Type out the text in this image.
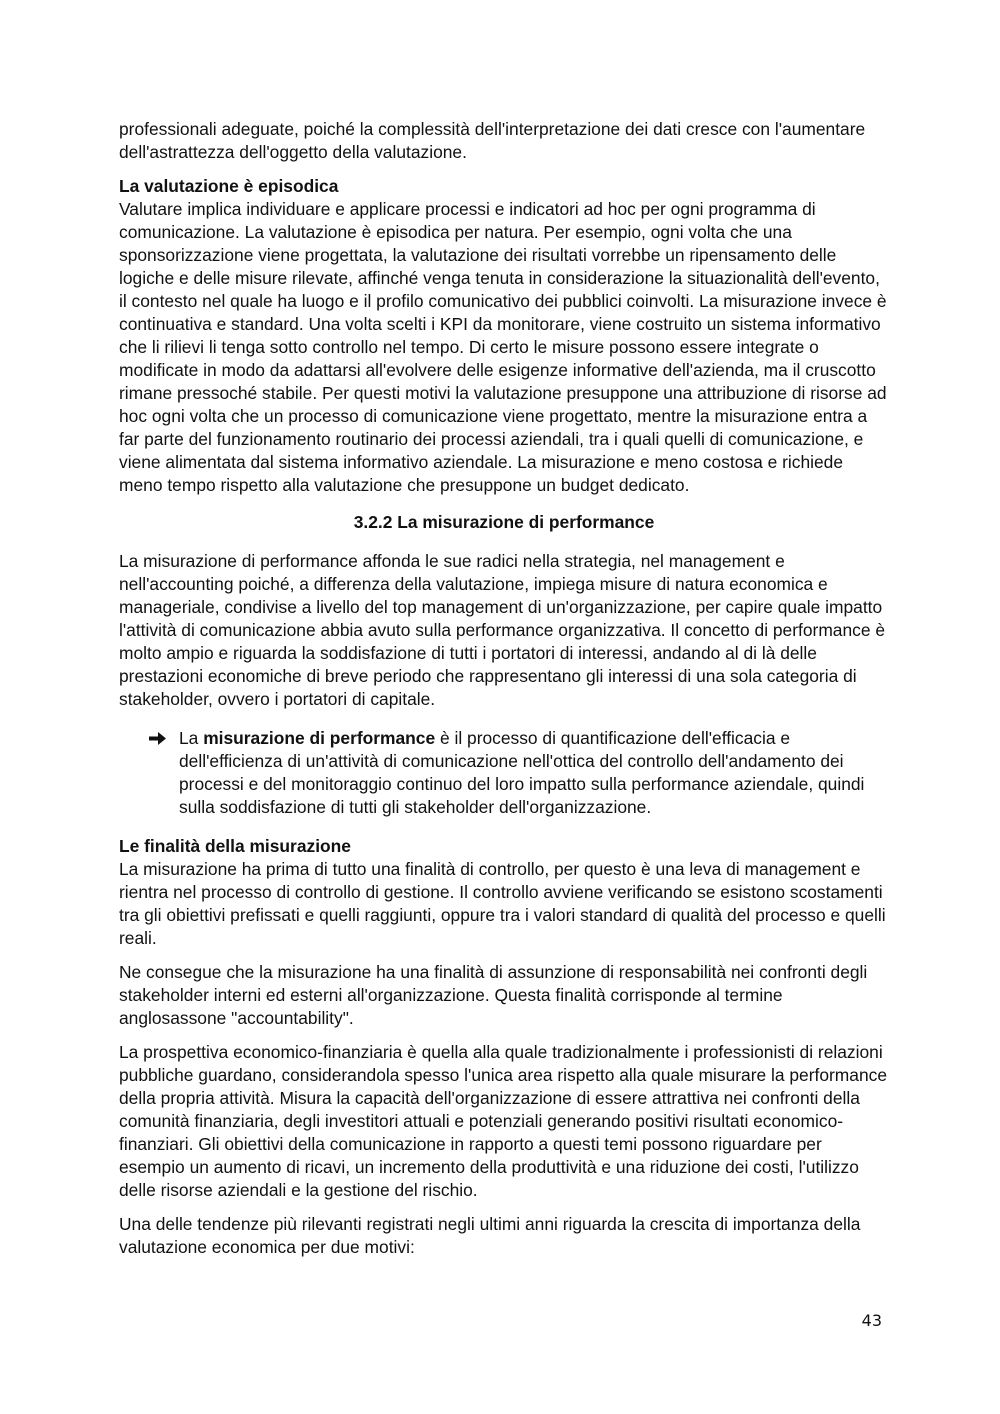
professionali adeguate, poiché la complessità dell'interpretazione dei dati cresce con l'aumentare dell'astrattezza dell'oggetto della valutazione.

La valutazione è episodica
Valutare implica individuare e applicare processi e indicatori ad hoc per ogni programma di comunicazione. La valutazione è episodica per natura. Per esempio, ogni volta che una sponsorizzazione viene progettata, la valutazione dei risultati vorrebbe un ripensamento delle logiche e delle misure rilevate, affinché venga tenuta in considerazione la situazionalità dell'evento, il contesto nel quale ha luogo e il profilo comunicativo dei pubblici coinvolti. La misurazione invece è continuativa e standard. Una volta scelti i KPI da monitorare, viene costruito un sistema informativo che li rilievi li tenga sotto controllo nel tempo. Di certo le misure possono essere integrate o modificate in modo da adattarsi all'evolvere delle esigenze informative dell'azienda, ma il cruscotto rimane pressoché stabile. Per questi motivi la valutazione presuppone una attribuzione di risorse ad hoc ogni volta che un processo di comunicazione viene progettato, mentre la misurazione entra a far parte del funzionamento routinario dei processi aziendali, tra i quali quelli di comunicazione, e viene alimentata dal sistema informativo aziendale. La misurazione e meno costosa e richiede meno tempo rispetto alla valutazione che presuppone un budget dedicato.

3.2.2 La misurazione di performance

La misurazione di performance affonda le sue radici nella strategia, nel management e nell'accounting poiché, a differenza della valutazione, impiega misure di natura economica e manageriale, condivise a livello del top management di un'organizzazione, per capire quale impatto l'attività di comunicazione abbia avuto sulla performance organizzativa. Il concetto di performance è molto ampio e riguarda la soddisfazione di tutti i portatori di interessi, andando al di là delle prestazioni economiche di breve periodo che rappresentano gli interessi di una sola categoria di stakeholder, ovvero i portatori di capitale.

La misurazione di performance è il processo di quantificazione dell'efficacia e dell'efficienza di un'attività di comunicazione nell'ottica del controllo dell'andamento dei processi e del monitoraggio continuo del loro impatto sulla performance aziendale, quindi sulla soddisfazione di tutti gli stakeholder dell'organizzazione.

Le finalità della misurazione
La misurazione ha prima di tutto una finalità di controllo, per questo è una leva di management e rientra nel processo di controllo di gestione. Il controllo avviene verificando se esistono scostamenti tra gli obiettivi prefissati e quelli raggiunti, oppure tra i valori standard di qualità del processo e quelli reali.

Ne consegue che la misurazione ha una finalità di assunzione di responsabilità nei confronti degli stakeholder interni ed esterni all'organizzazione. Questa finalità corrisponde al termine anglosassone "accountability".

La prospettiva economico-finanziaria è quella alla quale tradizionalmente i professionisti di relazioni pubbliche guardano, considerandola spesso l'unica area rispetto alla quale misurare la performance della propria attività. Misura la capacità dell'organizzazione di essere attrattiva nei confronti della comunità finanziaria, degli investitori attuali e potenziali generando positivi risultati economico-finanziari. Gli obiettivi della comunicazione in rapporto a questi temi possono riguardare per esempio un aumento di ricavi, un incremento della produttività e una riduzione dei costi, l'utilizzo delle risorse aziendali e la gestione del rischio.

Una delle tendenze più rilevanti registrati negli ultimi anni riguarda la crescita di importanza della valutazione economica per due motivi:

43
